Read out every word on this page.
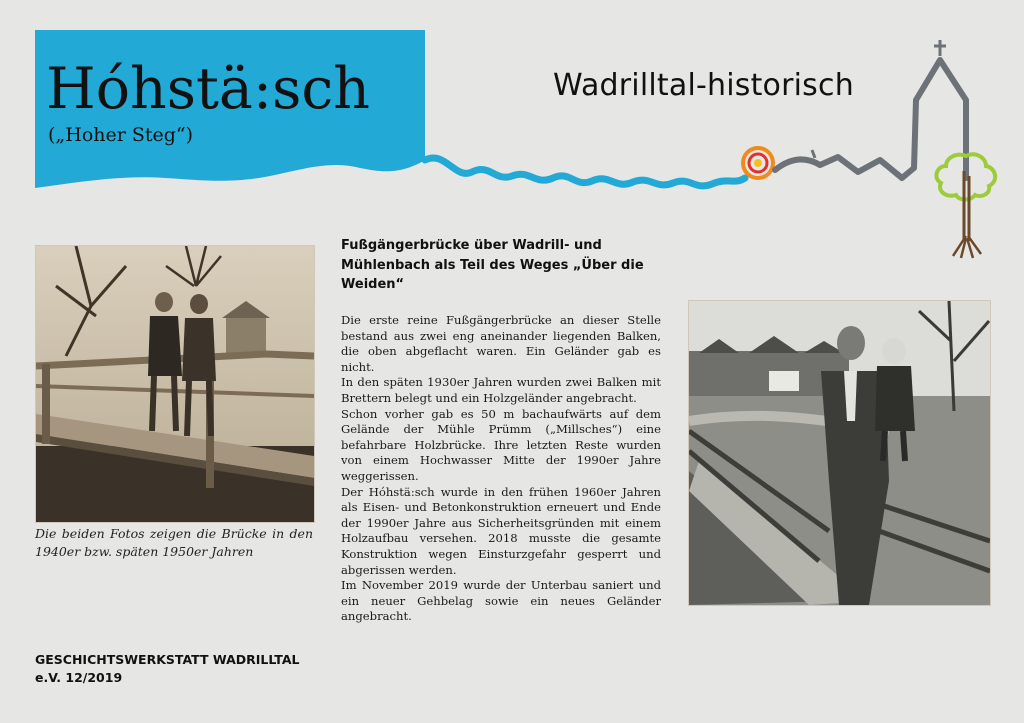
Hóhstä:sch
(„Hoher Steg“)
Wadrilltal-historisch
Die beiden Fotos zeigen die Brücke in den 1940er bzw. späten 1950er Jahren
Fußgängerbrücke über Wadrill- und Mühlenbach als Teil des Weges „Über die Weiden“

Die erste reine Fußgängerbrücke an dieser Stelle bestand aus zwei eng aneinander liegenden Balken, die oben abgeflacht waren. Ein Geländer gab es nicht.

In den späten 1930er Jahren wurden zwei Balken mit Brettern belegt und ein Holzgeländer angebracht.

Schon vorher gab es 50 m bachaufwärts auf dem Gelände der Mühle Prümm („Millsches“) eine befahrbare Holzbrücke. Ihre letzten Reste wurden von einem Hochwasser Mitte der 1990er Jahre weggerissen.

Der Hóhstä:sch wurde in den frühen 1960er Jahren als Eisen- und Betonkonstruktion erneuert und Ende der 1990er Jahre aus Sicherheitsgründen mit einem Holzaufbau versehen. 2018 musste die gesamte Konstruktion wegen Einsturzgefahr gesperrt und abgerissen werden.

Im November 2019 wurde der Unterbau saniert und ein neuer Gehbelag sowie ein neues Geländer angebracht.

GESCHICHTSWERKSTATT WADRILLTAL
e.V. 12/2019
